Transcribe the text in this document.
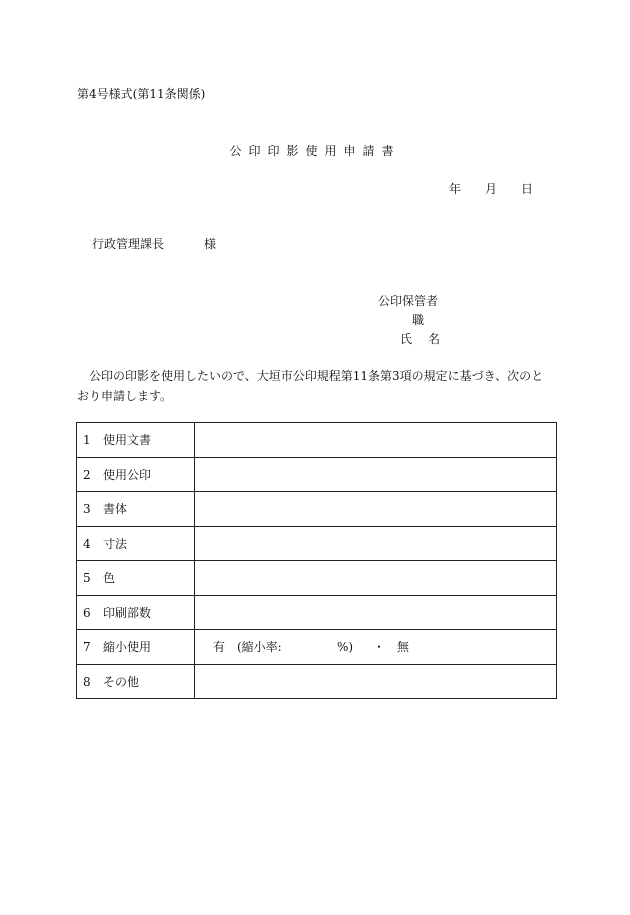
第4号様式(第11条関係)
公印印影使用申請書
年 月 日
行政管理課長	様
公印保管者
職
氏 名
公印の印影を使用したいので、大垣市公印規程第11条第3項の規定に基づき、次のとおり申請します。
1 使用文書	
2 使用公印	
3 書体	
4 寸法	
5 色	
6 印刷部数	
7 縮小使用	有 (縮小率: %) ・ 無
8 その他	
